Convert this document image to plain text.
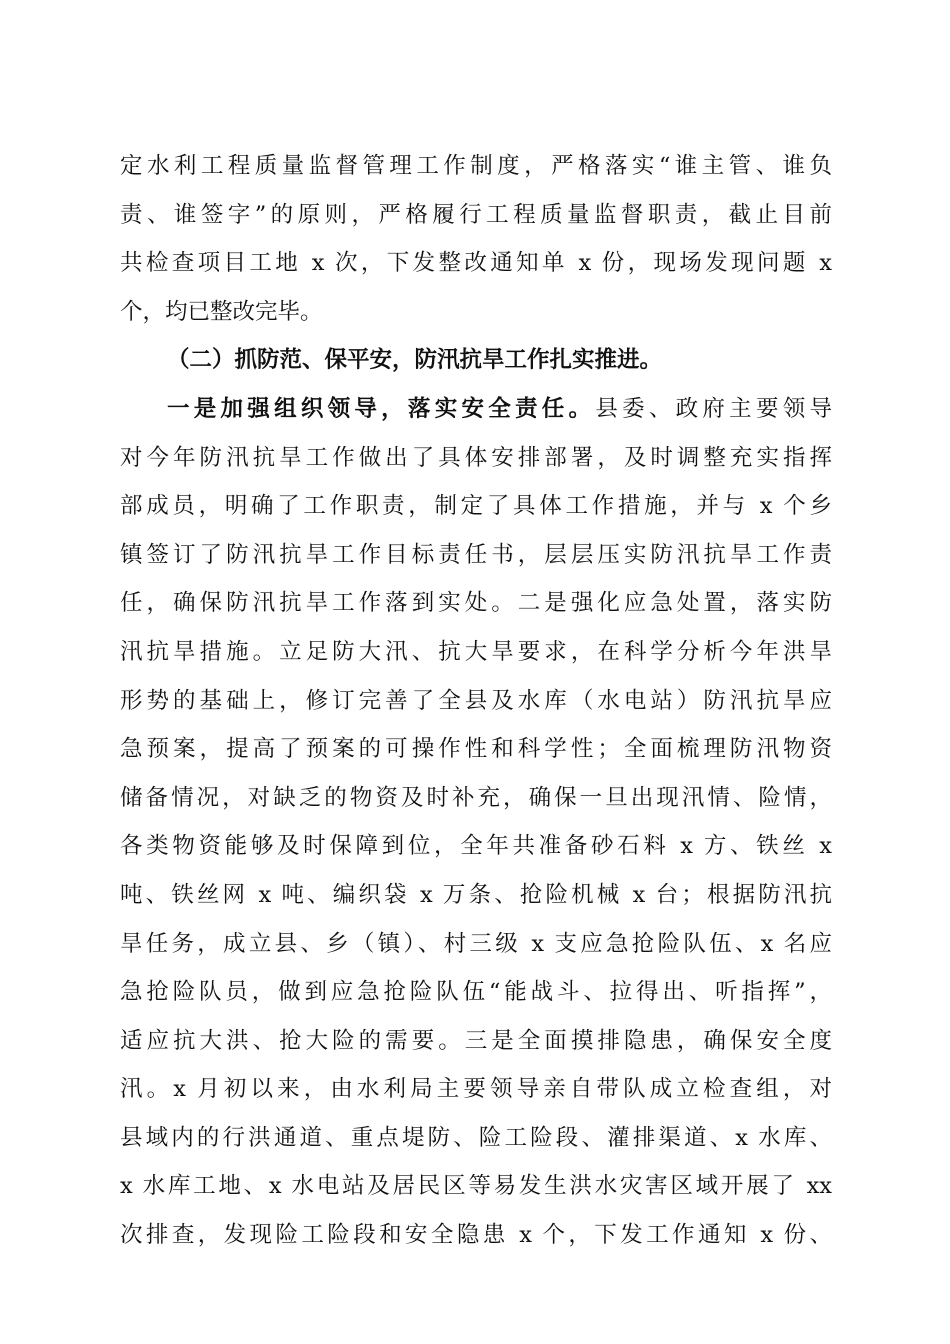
定水利工程质量监督管理工作制度，严格落实“谁主管、谁负
责、谁签字”的原则，严格履行工程质量监督职责，截止目前
共检查项目工地 x 次，下发整改通知单 x 份，现场发现问题 x
个，均已整改完毕。
（二）抓防范、保平安，防汛抗旱工作扎实推进。
一是加强组织领导，落实安全责任。县委、政府主要领导
对今年防汛抗旱工作做出了具体安排部署，及时调整充实指挥
部成员，明确了工作职责，制定了具体工作措施，并与 x 个乡
镇签订了防汛抗旱工作目标责任书，层层压实防汛抗旱工作责
任，确保防汛抗旱工作落到实处。二是强化应急处置，落实防
汛抗旱措施。立足防大汛、抗大旱要求，在科学分析今年洪旱
形势的基础上，修订完善了全县及水库（水电站）防汛抗旱应
急预案，提高了预案的可操作性和科学性；全面梳理防汛物资
储备情况，对缺乏的物资及时补充，确保一旦出现汛情、险情，
各类物资能够及时保障到位，全年共准备砂石料 x 方、铁丝 x
吨、铁丝网 x 吨、编织袋 x 万条、抢险机械 x 台；根据防汛抗
旱任务，成立县、乡（镇）、村三级 x 支应急抢险队伍、x 名应
急抢险队员，做到应急抢险队伍“能战斗、拉得出、听指挥”，
适应抗大洪、抢大险的需要。三是全面摸排隐患，确保安全度
汛。x 月初以来，由水利局主要领导亲自带队成立检查组，对
县域内的行洪通道、重点堤防、险工险段、灌排渠道、x 水库、
x 水库工地、x 水电站及居民区等易发生洪水灾害区域开展了 xx
次排查，发现险工险段和安全隐患 x 个，下发工作通知 x 份、
